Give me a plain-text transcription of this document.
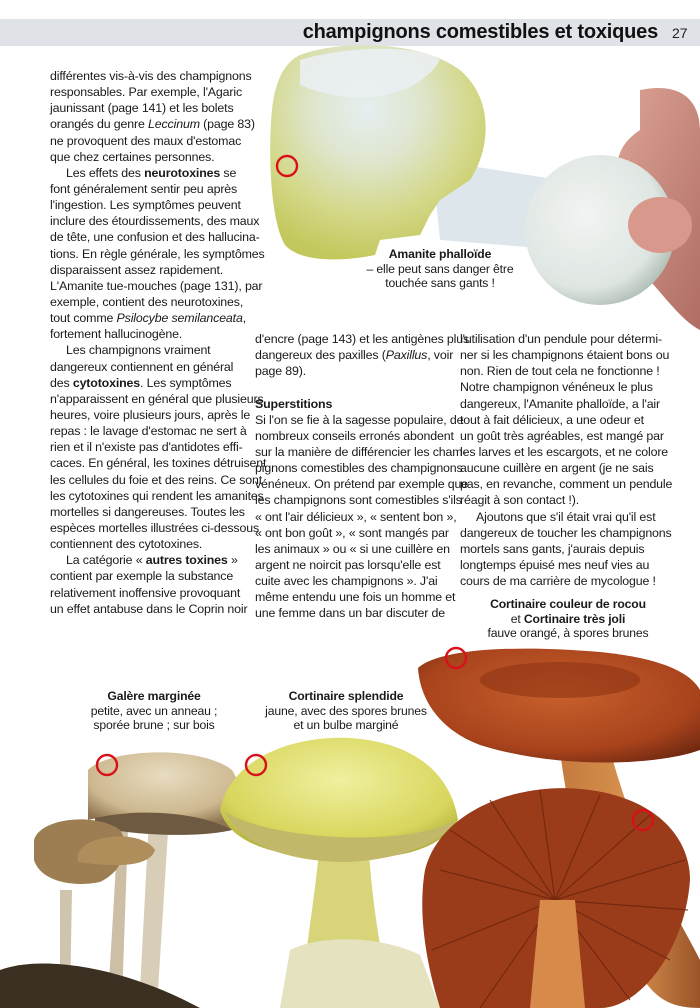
champignons comestibles et toxiques 27
différentes vis-à-vis des champignons
responsables. Par exemple, l'Agaric
jaunissant (page 141) et les bolets
orangés du genre Leccinum (page 83)
ne provoquent des maux d'estomac
que chez certaines personnes.
Les effets des neurotoxines se
font généralement sentir peu après
l'ingestion. Les symptômes peuvent
inclure des étourdissements, des maux
de tête, une confusion et des hallucina-
tions. En règle générale, les symptômes
disparaissent assez rapidement.
L'Amanite tue-mouches (page 131), par
exemple, contient des neurotoxines,
tout comme Psilocybe semilanceata,
fortement hallucinogène.
Les champignons vraiment
dangereux contiennent en général
des cytotoxines. Les symptômes
n'apparaissent en général que plusieurs
heures, voire plusieurs jours, après le
repas : le lavage d'estomac ne sert à
rien et il n'existe pas d'antidotes effi-
caces. En général, les toxines détruisent
les cellules du foie et des reins. Ce sont
les cytotoxines qui rendent les amanites
mortelles si dangereuses. Toutes les
espèces mortelles illustrées ci-dessous
contiennent des cytotoxines.
La catégorie « autres toxines »
contient par exemple la substance
relativement inoffensive provoquant
un effet antabuse dans le Coprin noir
d'encre (page 143) et les antigènes plus
dangereux des paxilles (Paxillus, voir
page 89).
Superstitions
Si l'on se fie à la sagesse populaire, de
nombreux conseils erronés abondent
sur la manière de différencier les cham-
pignons comestibles des champignons
vénéneux. On prétend par exemple que
les champignons sont comestibles s'ils
« ont l'air délicieux », « sentent bon »,
« ont bon goût », « sont mangés par
les animaux » ou « si une cuillère en
argent ne noircit pas lorsqu'elle est
cuite avec les champignons ». J'ai
même entendu une fois un homme et
une femme dans un bar discuter de
l'utilisation d'un pendule pour détermi-
ner si les champignons étaient bons ou
non. Rien de tout cela ne fonctionne !
Notre champignon vénéneux le plus
dangereux, l'Amanite phalloïde, a l'air
tout à fait délicieux, a une odeur et
un goût très agréables, est mangé par
les larves et les escargots, et ne colore
aucune cuillère en argent (je ne sais
pas, en revanche, comment un pendule
réagit à son contact !).
Ajoutons que s'il était vrai qu'il est
dangereux de toucher les champignons
mortels sans gants, j'aurais depuis
longtemps épuisé mes neuf vies au
cours de ma carrière de mycologue !
Amanite phalloïde
– elle peut sans danger être
touchée sans gants !
Cortinaire couleur de rocou
et Cortinaire très joli
fauve orangé, à spores brunes
Galère marginée
petite, avec un anneau ;
sporée brune ; sur bois
Cortinaire splendide
jaune, avec des spores brunes
et un bulbe marginé
